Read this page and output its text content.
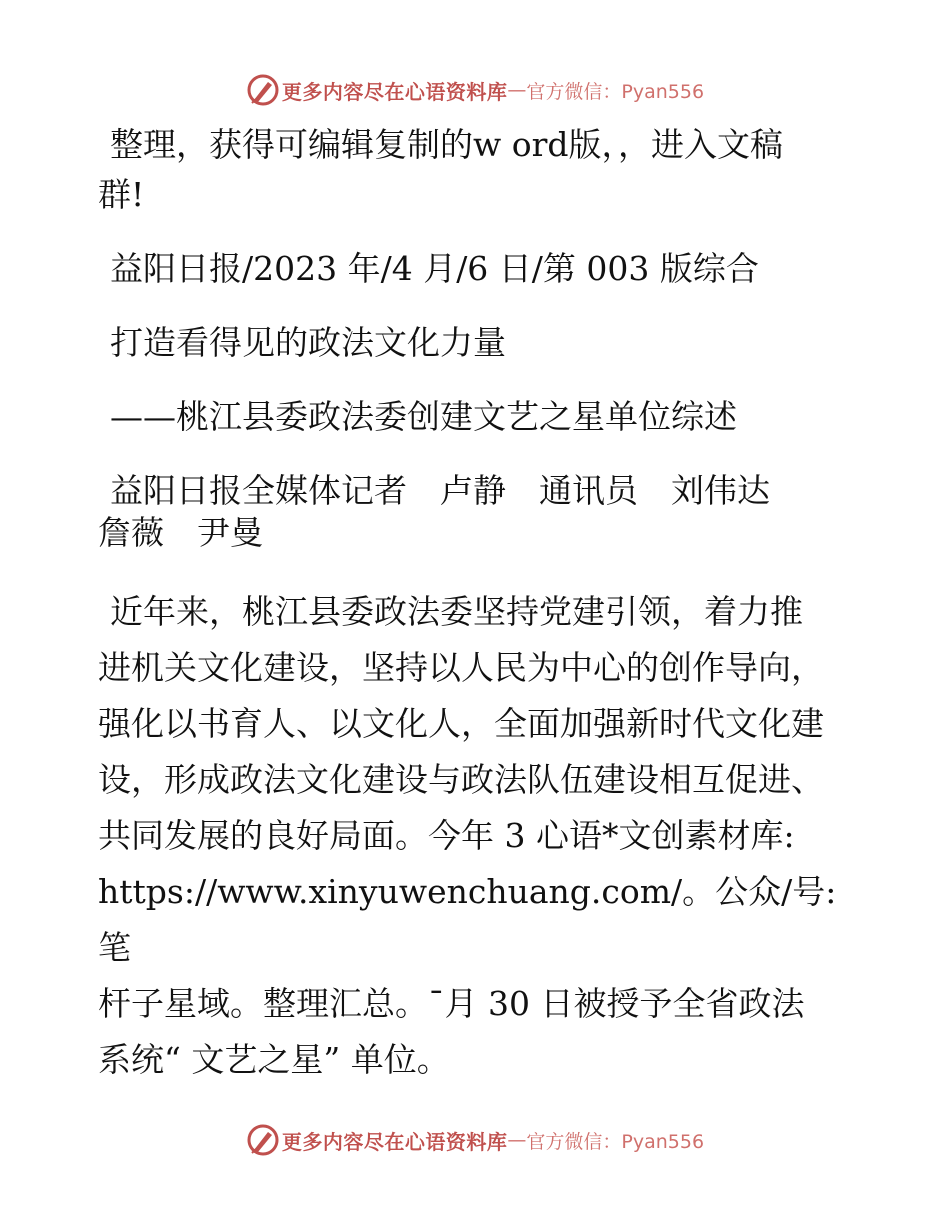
更多内容尽在心语资料库 — 官方微信：Pyan556

整理，获得可编辑复制的w ord版，，进入文稿

群!

益阳日报/2023 年/4 月/6 日/第 003 版综合

打造看得见的政法文化力量

——桃江县委政法委创建文艺之星单位综述

益阳日报全媒体记者　卢静　通讯员　刘伟达

詹薇　尹曼

近年来，桃江县委政法委坚持党建引领，着力推

进机关文化建设，坚持以人民为中心的创作导向，

强化以书育人、以文化人，全面加强新时代文化建

设，形成政法文化建设与政法队伍建设相互促进、

共同发展的良好局面。今年 3 心语*文创素材库:

https://www.xinyuwenchuang.com/。公众/号: 笔

杆子星域。整理汇总。¯月 30 日被授予全省政法

系统“ 文艺之星” 单位。

更多内容尽在心语资料库 — 官方微信：Pyan556
